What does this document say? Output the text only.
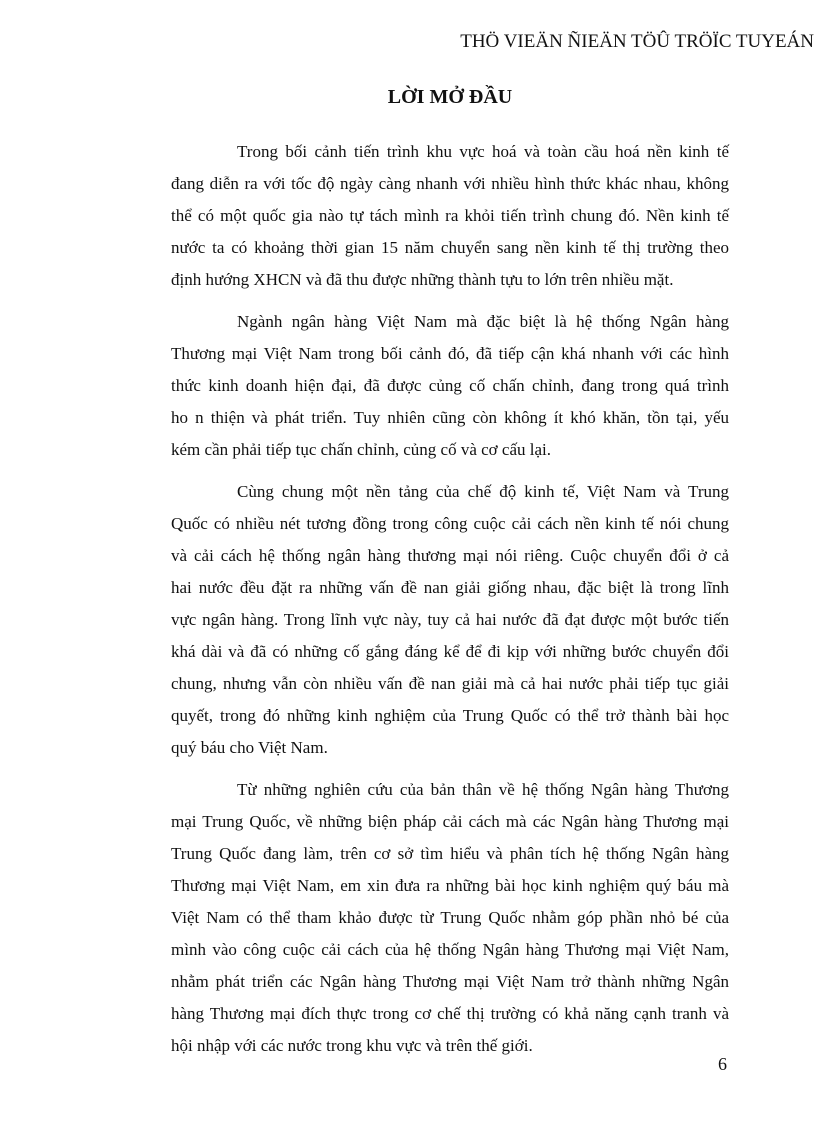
THÖ VIEÄN ÑIEÄN TÖÛ TRÖÏC TUYEÁN
LỜI MỞ ĐẦU
Trong bối cảnh tiến trình khu vực hoá và toàn cầu hoá nền kinh tế
đang diễn ra với tốc độ ngày càng nhanh với nhiều hình thức khác nhau, không
thể có một quốc gia nào tự tách mình ra khỏi tiến trình chung đó. Nền kinh tế
nước ta có khoảng thời gian 15 năm chuyển sang nền kinh tế thị trường theo
định hướng XHCN và đã thu được những thành tựu to lớn trên nhiều mặt.
Ngành ngân hàng Việt Nam mà đặc biệt là hệ thống Ngân hàng
Thương mại Việt Nam trong bối cảnh đó, đã tiếp cận khá nhanh với các hình
thức kinh doanh hiện đại, đã được củng cố chấn chỉnh, đang trong quá trình
ho n thiện và phát triển. Tuy nhiên cũng còn không ít khó khăn, tồn tại, yếu
kém cần phải tiếp tục chấn chỉnh, củng cố và cơ cấu lại.
Cùng chung một nền tảng của chế độ kinh tế, Việt Nam và Trung
Quốc có nhiều nét tương đồng trong công cuộc cải cách nền kinh tế nói chung
và cải cách hệ thống ngân hàng thương mại nói riêng. Cuộc chuyển đổi ở cả
hai nước đều đặt ra những vấn đề nan giải giống nhau, đặc biệt là trong lĩnh
vực ngân hàng. Trong lĩnh vực này, tuy cả hai nước đã đạt được một bước tiến
khá dài và đã có những cố gắng đáng kể để đi kịp với những bước chuyển đổi
chung, nhưng vẫn còn nhiều vấn đề nan giải mà cả hai nước phải tiếp tục giải
quyết, trong đó những kinh nghiệm của Trung Quốc có thể trở thành bài học
quý báu cho Việt Nam.
Từ những nghiên cứu của bản thân về hệ thống Ngân hàng Thương
mại Trung Quốc, về những biện pháp cải cách mà các Ngân hàng Thương mại
Trung Quốc đang làm, trên cơ sở tìm hiểu và phân tích hệ thống Ngân hàng
Thương mại Việt Nam, em xin đưa ra những bài học kinh nghiệm quý báu mà
Việt Nam có thể tham khảo được từ Trung Quốc nhằm góp phần nhỏ bé của
mình vào công cuộc cải cách của hệ thống Ngân hàng Thương mại Việt Nam,
nhằm phát triển các Ngân hàng Thương mại Việt Nam trở thành những Ngân
hàng Thương mại đích thực trong cơ chế thị trường có khả năng cạnh tranh và
hội nhập với các nước trong khu vực và trên thế giới.
6
